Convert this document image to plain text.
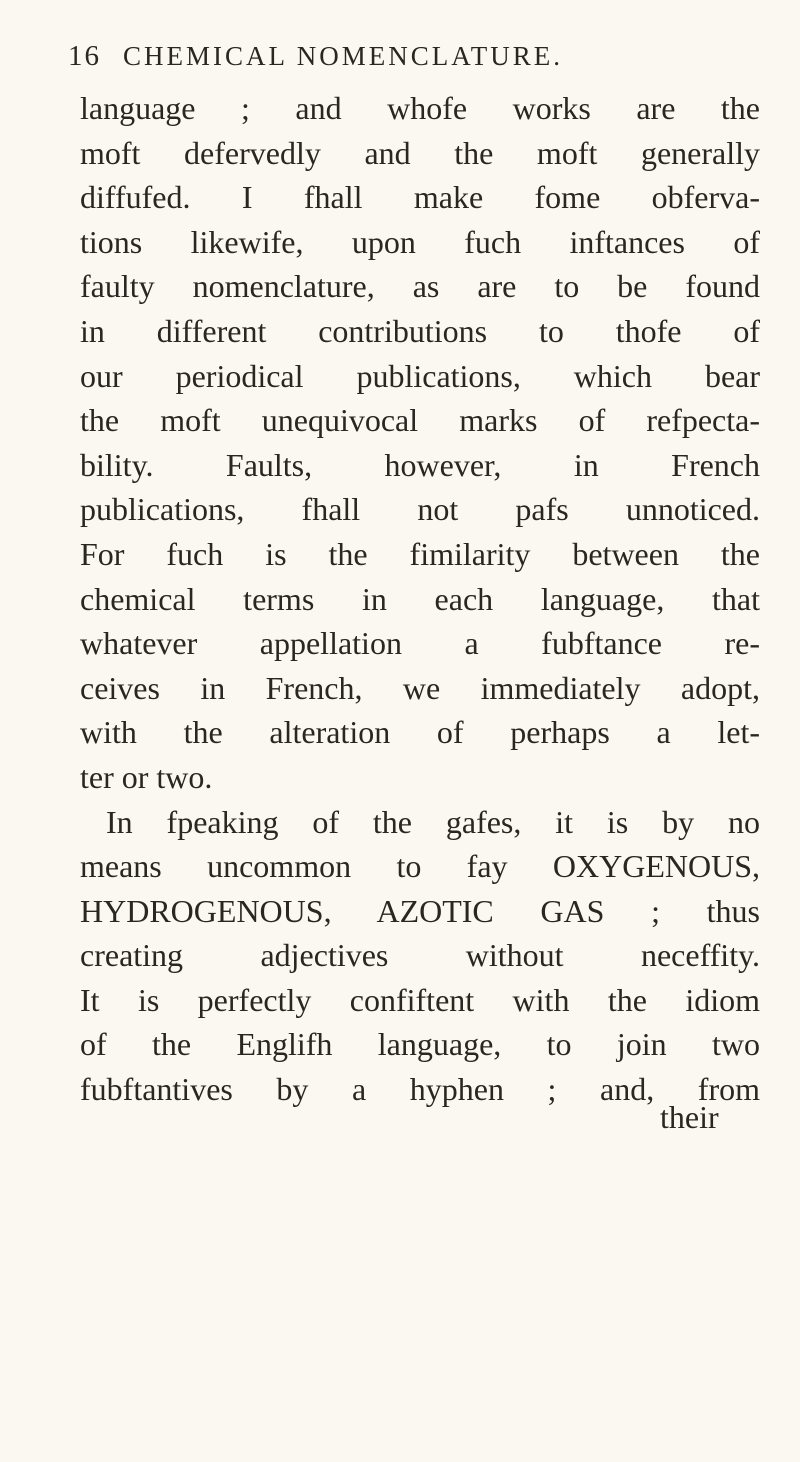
16 CHEMICAL NOMENCLATURE.
language ; and whofe works are the
moft defervedly and the moft generally
diffufed. I fhall make fome obferva-
tions likewife, upon fuch inftances of
faulty nomenclature, as are to be found
in different contributions to thofe of
our periodical publications, which bear
the moft unequivocal marks of refpecta-
bility. Faults, however, in French
publications, fhall not pafs unnoticed.
For fuch is the fimilarity between the
chemical terms in each language, that
whatever appellation a fubftance re-
ceives in French, we immediately adopt,
with the alteration of perhaps a let-
ter or two.
In fpeaking of the gafes, it is by no
means uncommon to fay OXYGENOUS,
HYDROGENOUS, AZOTIC GAS ; thus
creating adjectives without neceffity.
It is perfectly confiftent with the idiom
of the Englifh language, to join two
fubftantives by a hyphen ; and, from
their
